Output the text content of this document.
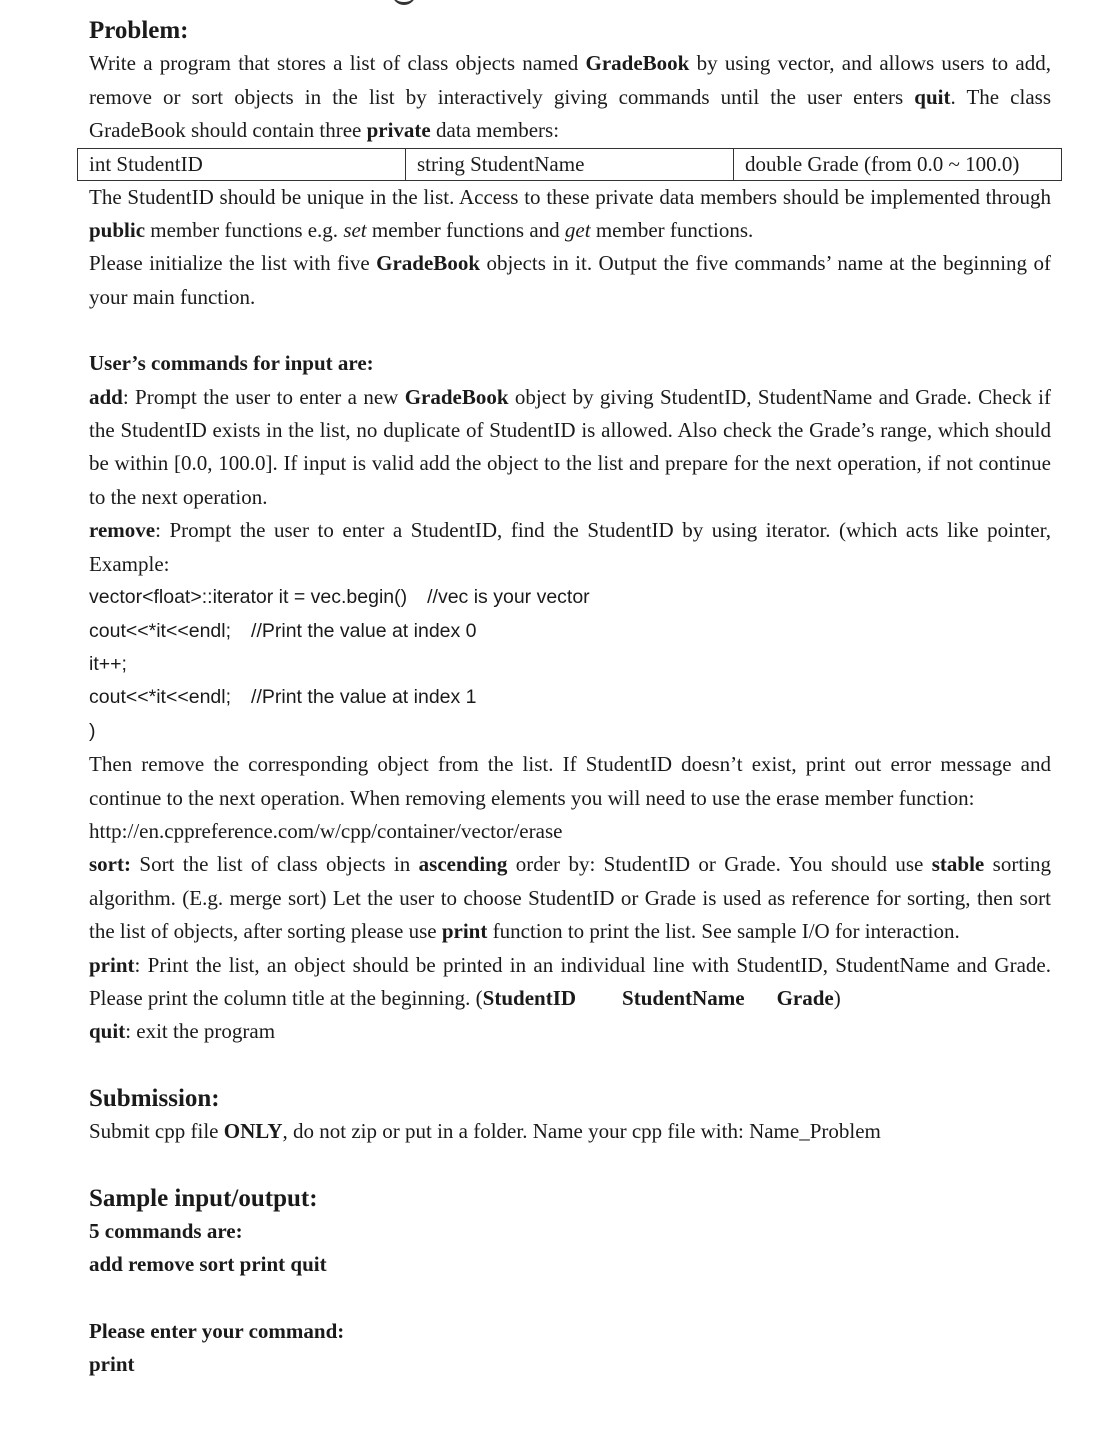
Problem:

Write a program that stores a list of class objects named GradeBook by using vector, and allows users to add, remove or sort objects in the list by interactively giving commands until the user enters quit. The class GradeBook should contain three private data members:

int StudentID	string StudentName	double Grade (from 0.0 ~ 100.0)

The StudentID should be unique in the list. Access to these private data members should be implemented through public member functions e.g. set member functions and get member functions.

Please initialize the list with five GradeBook objects in it. Output the five commands’ name at the beginning of your main function.

User’s commands for input are:

add: Prompt the user to enter a new GradeBook object by giving StudentID, StudentName and Grade. Check if the StudentID exists in the list, no duplicate of StudentID is allowed. Also check the Grade’s range, which should be within [0.0, 100.0]. If input is valid add the object to the list and prepare for the next operation, if not continue to the next operation.

remove: Prompt the user to enter a StudentID, find the StudentID by using iterator. (which acts like pointer, Example:

vector<float>::iterator it = vec.begin() //vec is your vector
cout<<*it<<endl; //Print the value at index 0
it++;
cout<<*it<<endl; //Print the value at index 1
)

Then remove the corresponding object from the list. If StudentID doesn’t exist, print out error message and continue to the next operation. When removing elements you will need to use the erase member function:

http://en.cppreference.com/w/cpp/container/vector/erase

sort: Sort the list of class objects in ascending order by: StudentID or Grade. You should use stable sorting algorithm. (E.g. merge sort) Let the user to choose StudentID or Grade is used as reference for sorting, then sort the list of objects, after sorting please use print function to print the list. See sample I/O for interaction.

print: Print the list, an object should be printed in an individual line with StudentID, StudentName and Grade. Please print the column title at the beginning. (StudentID StudentName Grade)

quit: exit the program

Submission:

Submit cpp file ONLY, do not zip or put in a folder. Name your cpp file with: Name_Problem

Sample input/output:

5 commands are:

add remove sort print quit

Please enter your command:

print
